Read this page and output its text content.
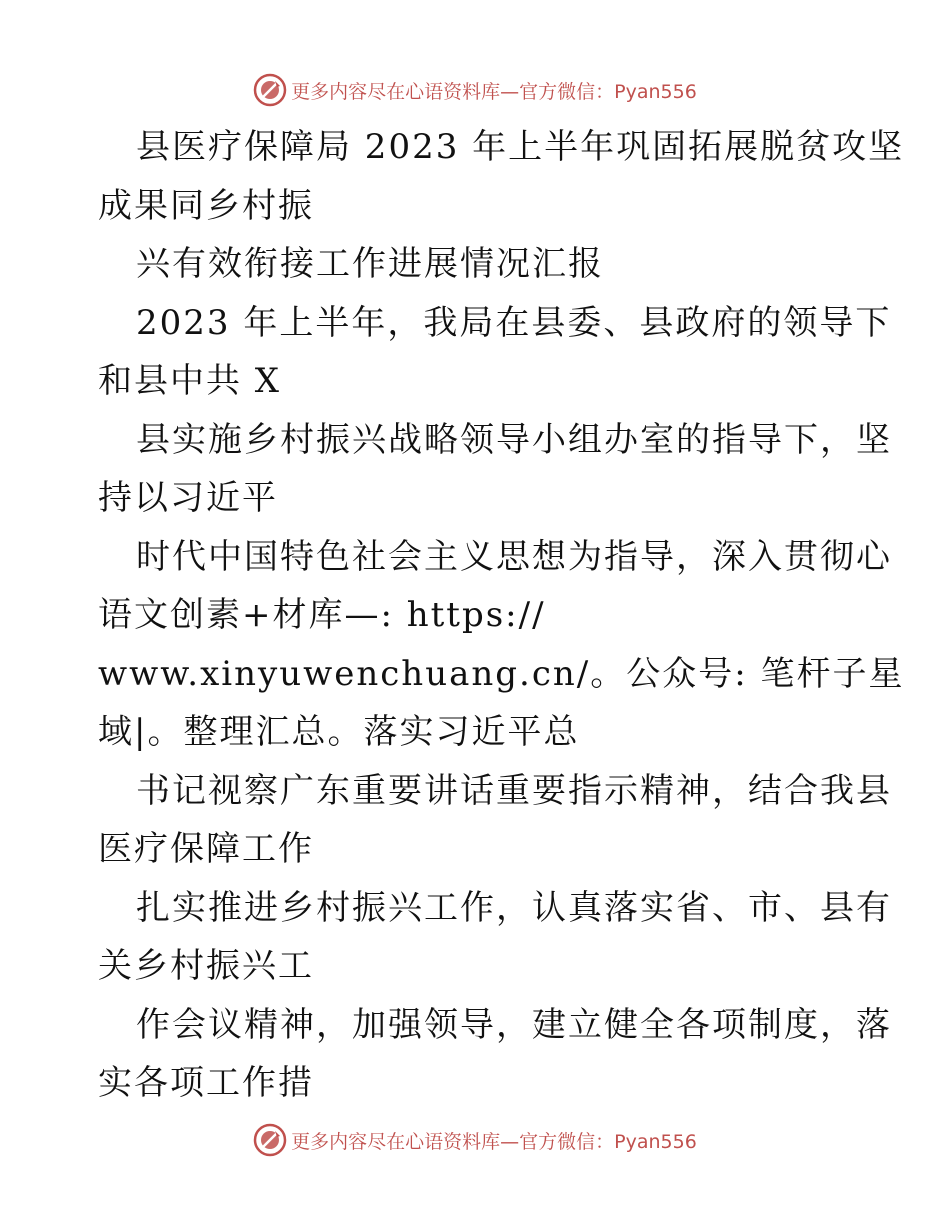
更多内容尽在心语资料库—官方微信：Pyan556
县医疗保障局 2023 年上半年巩固拓展脱贫攻坚
成果同乡村振
兴有效衔接工作进展情况汇报
2023 年上半年，我局在县委、县政府的领导下
和县中共 X
县实施乡村振兴战略领导小组办室的指导下，坚
持以习近平
时代中国特色社会主义思想为指导，深入贯彻心
语文创素+材库—: https://
www.xinyuwenchuang.cn/。公众号: 笔杆子星
域|。整理汇总。落实习近平总
书记视察广东重要讲话重要指示精神，结合我县
医疗保障工作
扎实推进乡村振兴工作，认真落实省、市、县有
关乡村振兴工
作会议精神，加强领导，建立健全各项制度，落
实各项工作措
更多内容尽在心语资料库—官方微信：Pyan556
